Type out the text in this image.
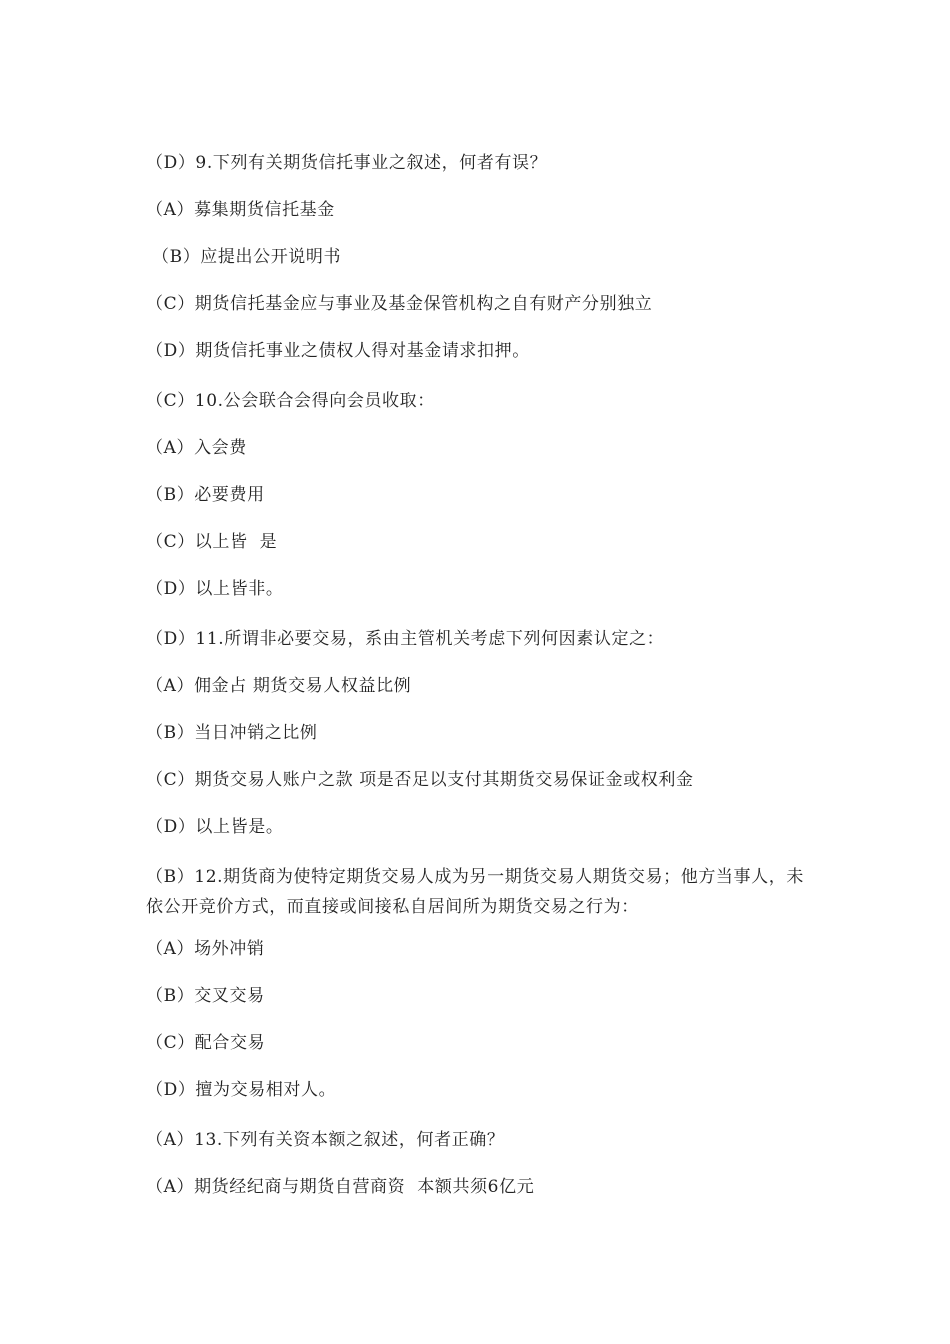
（D）9.下列有关期货信托事业之叙述，何者有误？
（A）募集期货信托基金
（B）应提出公开说明书
（C）期货信托基金应与事业及基金保管机构之自有财产分别独立
（D）期货信托事业之债权人得对基金请求扣押。
（C）10.公会联合会得向会员收取：
（A）入会费
（B）必要费用
（C）以上皆  是
（D）以上皆非。
（D）11.所谓非必要交易，系由主管机关考虑下列何因素认定之：
（A）佣金占 期货交易人权益比例
（B）当日冲销之比例
（C）期货交易人账户之款 项是否足以支付其期货交易保证金或权利金
（D）以上皆是。
（B）12.期货商为使特定期货交易人成为另一期货交易人期货交易；他方当事人，未依公开竞价方式，而直接或间接私自居间所为期货交易之行为：
（A）场外冲销
（B）交叉交易
（C）配合交易
（D）擅为交易相对人。
（A）13.下列有关资本额之叙述，何者正确？
（A）期货经纪商与期货自营商资  本额共须6亿元
